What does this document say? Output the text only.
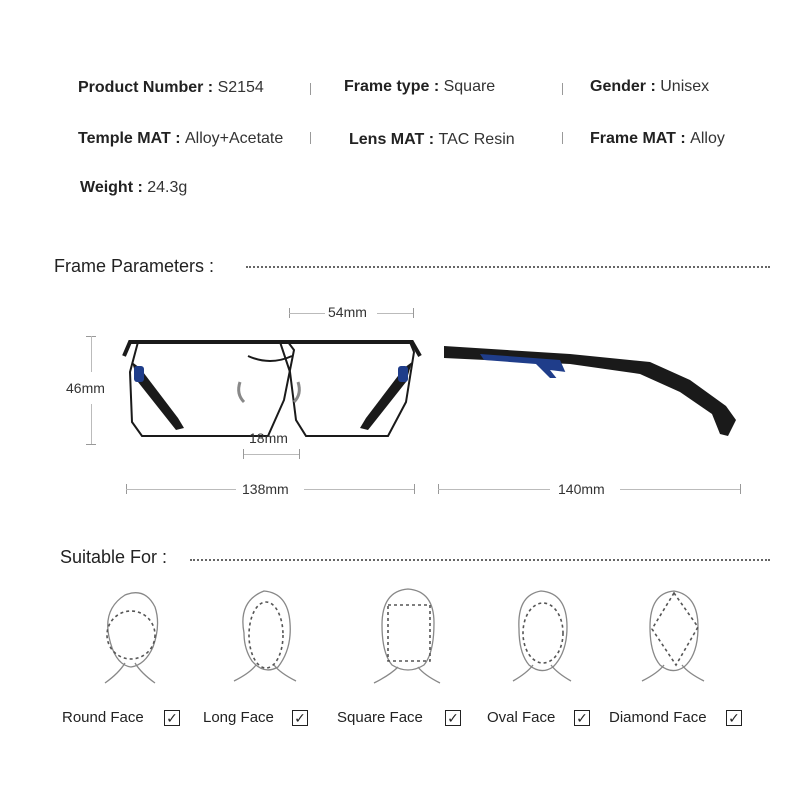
Product Number : S2154	Frame type : Square	Gender : Unisex
Temple MAT : Alloy+Acetate	Lens MAT : TAC Resin	Frame MAT : Alloy
Weight : 24.3g
Frame Parameters :
54mm
46mm
18mm
138mm	140mm
Suitable For :
Round Face ✓ Long Face ✓ Square Face ✓ Oval Face ✓ Diamond Face ✓
